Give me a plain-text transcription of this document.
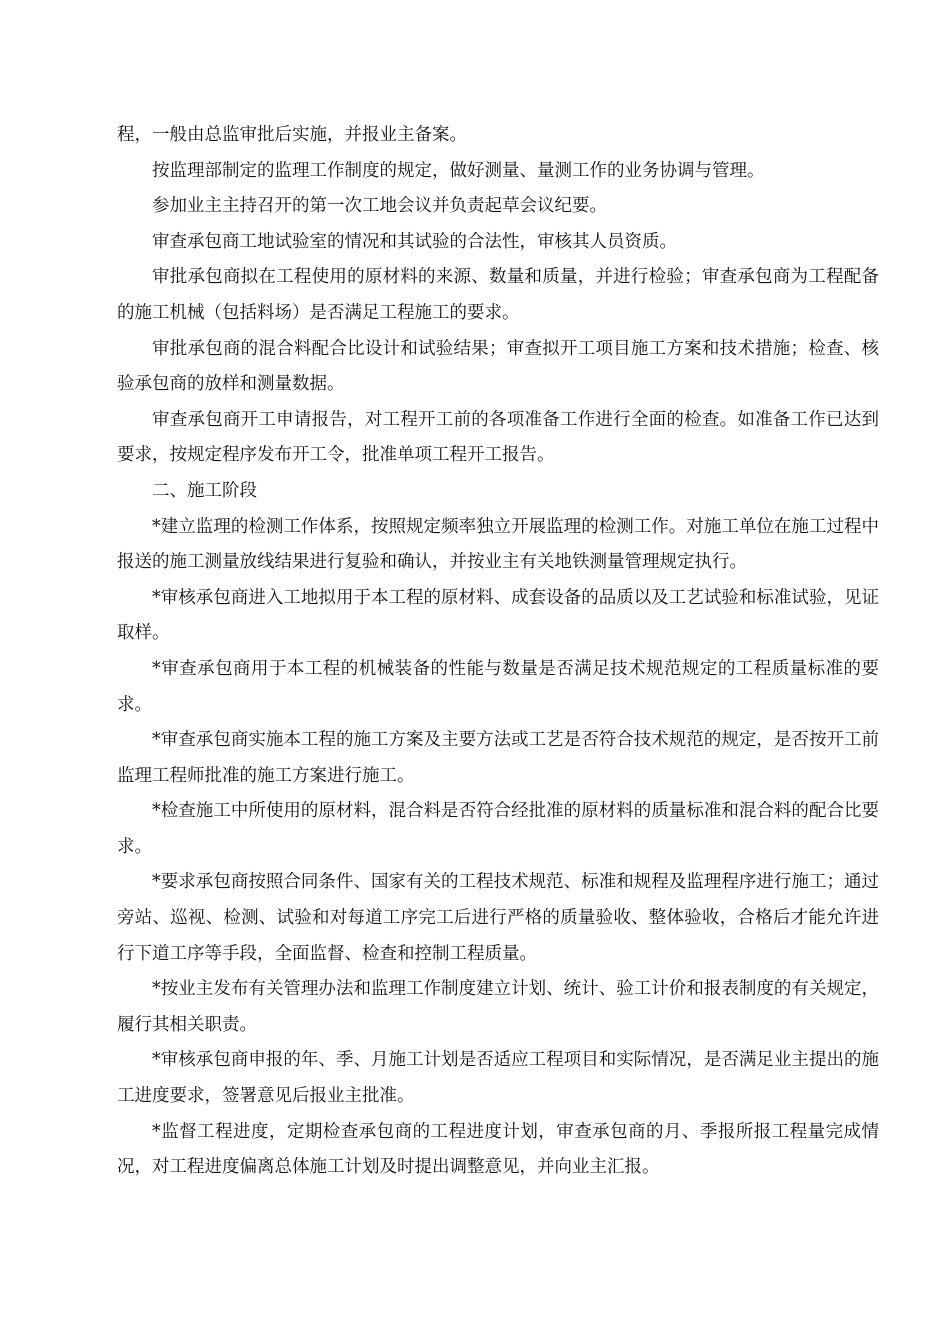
程，一般由总监审批后实施，并报业主备案。

按监理部制定的监理工作制度的规定，做好测量、量测工作的业务协调与管理。

参加业主主持召开的第一次工地会议并负责起草会议纪要。

审查承包商工地试验室的情况和其试验的合法性，审核其人员资质。

审批承包商拟在工程使用的原材料的来源、数量和质量，并进行检验；审查承包商为工程配备的施工机械（包括料场）是否满足工程施工的要求。

审批承包商的混合料配合比设计和试验结果；审查拟开工项目施工方案和技术措施；检查、核验承包商的放样和测量数据。

审查承包商开工申请报告，对工程开工前的各项准备工作进行全面的检查。如准备工作已达到要求，按规定程序发布开工令，批准单项工程开工报告。

二、施工阶段

*建立监理的检测工作体系，按照规定频率独立开展监理的检测工作。对施工单位在施工过程中报送的施工测量放线结果进行复验和确认，并按业主有关地铁测量管理规定执行。

*审核承包商进入工地拟用于本工程的原材料、成套设备的品质以及工艺试验和标准试验，见证取样。

*审查承包商用于本工程的机械装备的性能与数量是否满足技术规范规定的工程质量标准的要求。

*审查承包商实施本工程的施工方案及主要方法或工艺是否符合技术规范的规定，是否按开工前监理工程师批准的施工方案进行施工。

*检查施工中所使用的原材料，混合料是否符合经批准的原材料的质量标准和混合料的配合比要求。

*要求承包商按照合同条件、国家有关的工程技术规范、标准和规程及监理程序进行施工；通过旁站、巡视、检测、试验和对每道工序完工后进行严格的质量验收、整体验收，合格后才能允许进行下道工序等手段，全面监督、检查和控制工程质量。

*按业主发布有关管理办法和监理工作制度建立计划、统计、验工计价和报表制度的有关规定，履行其相关职责。

*审核承包商申报的年、季、月施工计划是否适应工程项目和实际情况，是否满足业主提出的施工进度要求，签署意见后报业主批准。

*监督工程进度，定期检查承包商的工程进度计划，审查承包商的月、季报所报工程量完成情况，对工程进度偏离总体施工计划及时提出调整意见，并向业主汇报。
